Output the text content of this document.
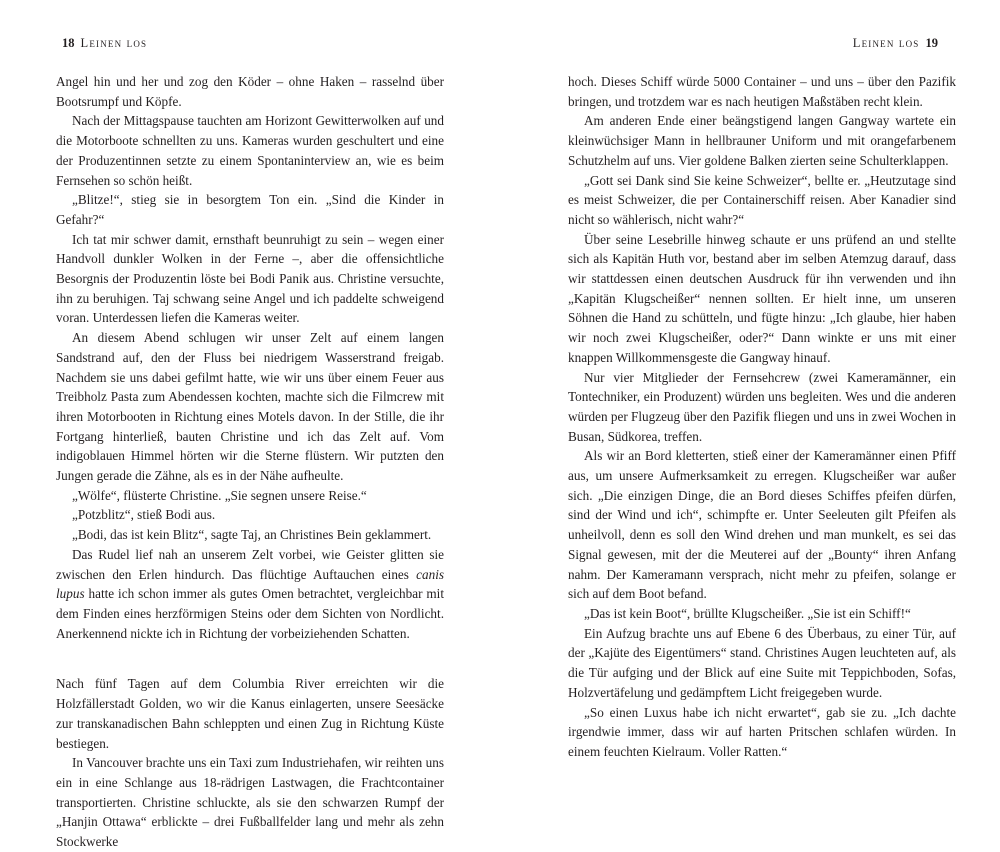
18 Leinen los

Angel hin und her und zog den Köder – ohne Haken – rasselnd über Bootsrumpf und Köpfe.

Nach der Mittagspause tauchten am Horizont Gewitterwolken auf und die Motorboote schnellten zu uns. Kameras wurden geschultert und eine der Produzentinnen setzte zu einem Spontaninterview an, wie es beim Fernsehen so schön heißt.

„Blitze!“, stieg sie in besorgtem Ton ein. „Sind die Kinder in Gefahr?“

Ich tat mir schwer damit, ernsthaft beunruhigt zu sein – wegen einer Handvoll dunkler Wolken in der Ferne –, aber die offensichtliche Besorgnis der Produzentin löste bei Bodi Panik aus. Christine versuchte, ihn zu beruhigen. Taj schwang seine Angel und ich paddelte schweigend voran. Unterdessen liefen die Kameras weiter.

An diesem Abend schlugen wir unser Zelt auf einem langen Sandstrand auf, den der Fluss bei niedrigem Wasserstrand freigab. Nachdem sie uns dabei gefilmt hatte, wie wir uns über einem Feuer aus Treibholz Pasta zum Abendessen kochten, machte sich die Filmcrew mit ihren Motorbooten in Richtung eines Motels davon. In der Stille, die ihr Fortgang hinterließ, bauten Christine und ich das Zelt auf. Vom indigoblauen Himmel hörten wir die Sterne flüstern. Wir putzten den Jungen gerade die Zähne, als es in der Nähe aufheulte.

„Wölfe“, flüsterte Christine. „Sie segnen unsere Reise.“

„Potzblitz“, stieß Bodi aus.

„Bodi, das ist kein Blitz“, sagte Taj, an Christines Bein geklammert.

Das Rudel lief nah an unserem Zelt vorbei, wie Geister glitten sie zwischen den Erlen hindurch. Das flüchtige Auftauchen eines canis lupus hatte ich schon immer als gutes Omen betrachtet, vergleichbar mit dem Finden eines herzförmigen Steins oder dem Sichten von Nordlicht. Anerkennend nickte ich in Richtung der vorbeiziehenden Schatten.

Nach fünf Tagen auf dem Columbia River erreichten wir die Holzfällerstadt Golden, wo wir die Kanus einlagerten, unsere Seesäcke zur transkanadischen Bahn schleppten und einen Zug in Richtung Küste bestiegen.

In Vancouver brachte uns ein Taxi zum Industriehafen, wir reihten uns ein in eine Schlange aus 18-rädrigen Lastwagen, die Frachtcontainer transportierten. Christine schluckte, als sie den schwarzen Rumpf der „Hanjin Ottawa“ erblickte – drei Fußballfelder lang und mehr als zehn Stockwerke

Leinen los 19

hoch. Dieses Schiff würde 5000 Container – und uns – über den Pazifik bringen, und trotzdem war es nach heutigen Maßstäben recht klein.

Am anderen Ende einer beängstigend langen Gangway wartete ein kleinwüchsiger Mann in hellbrauner Uniform und mit orangefarbenem Schutzhelm auf uns. Vier goldene Balken zierten seine Schulterklappen.

„Gott sei Dank sind Sie keine Schweizer“, bellte er. „Heutzutage sind es meist Schweizer, die per Containerschiff reisen. Aber Kanadier sind nicht so wählerisch, nicht wahr?“

Über seine Lesebrille hinweg schaute er uns prüfend an und stellte sich als Kapitän Huth vor, bestand aber im selben Atemzug darauf, dass wir stattdessen einen deutschen Ausdruck für ihn verwenden und ihn „Kapitän Klugscheißer“ nennen sollten. Er hielt inne, um unseren Söhnen die Hand zu schütteln, und fügte hinzu: „Ich glaube, hier haben wir noch zwei Klugscheißer, oder?“ Dann winkte er uns mit einer knappen Willkommensgeste die Gangway hinauf.

Nur vier Mitglieder der Fernsehcrew (zwei Kameramänner, ein Tontechniker, ein Produzent) würden uns begleiten. Wes und die anderen würden per Flugzeug über den Pazifik fliegen und uns in zwei Wochen in Busan, Südkorea, treffen.

Als wir an Bord kletterten, stieß einer der Kameramänner einen Pfiff aus, um unsere Aufmerksamkeit zu erregen. Klugscheißer war außer sich. „Die einzigen Dinge, die an Bord dieses Schiffes pfeifen dürfen, sind der Wind und ich“, schimpfte er. Unter Seeleuten gilt Pfeifen als unheilvoll, denn es soll den Wind drehen und man munkelt, es sei das Signal gewesen, mit der die Meuterei auf der „Bounty“ ihren Anfang nahm. Der Kameramann versprach, nicht mehr zu pfeifen, solange er sich auf dem Boot befand.

„Das ist kein Boot“, brüllte Klugscheißer. „Sie ist ein Schiff!“

Ein Aufzug brachte uns auf Ebene 6 des Überbaus, zu einer Tür, auf der „Kajüte des Eigentümers“ stand. Christines Augen leuchteten auf, als die Tür aufging und der Blick auf eine Suite mit Teppichboden, Sofas, Holzvertäfelung und gedämpftem Licht freigegeben wurde.

„So einen Luxus habe ich nicht erwartet“, gab sie zu. „Ich dachte irgendwie immer, dass wir auf harten Pritschen schlafen würden. In einem feuchten Kielraum. Voller Ratten.“
